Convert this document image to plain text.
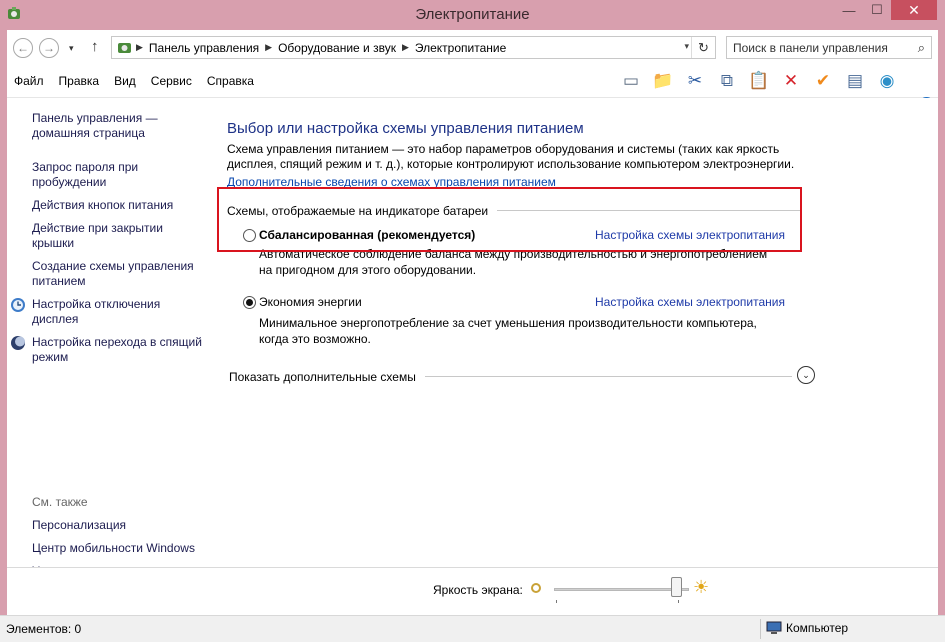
Электропитание	—	☐	✕
←	→	▾ ↑	▶ Панель управления ▶ Оборудование и звук ▶ Электропитание	▾ ↻
Поиск в панели управления	⌕
Файл Правка Вид Сервис Справка	▭ 📁 ✂	⧉ 📋 ✕ ✔ ▤ ◉
Панель управления — домашняя страница
Запрос пароля при пробуждении
Действия кнопок питания
Действие при закрытии крышки
Создание схемы управления питанием
Настройка отключения дисплея
Настройка перехода в спящий режим
См. также
Персонализация
Центр мобильности Windows
Выбор или настройка схемы управления питанием
Схема управления питанием — это набор параметров оборудования и системы (таких как яркость дисплея, спящий режим и т. д.), которые контролируют использование компьютером электроэнергии.
Дополнительные сведения о схемах управления питанием
Схемы, отображаемые на индикаторе батареи
Сбалансированная (рекомендуется)	Настройка схемы электропитания
Автоматическое соблюдение баланса между производительностью и энергопотреблением на пригодном для этого оборудовании.
Экономия энергии	Настройка схемы электропитания
Минимальное энергопотребление за счет уменьшения производительности компьютера, когда это возможно.
Показать дополнительные схемы	⌄
Яркость экрана:	☀
Элементов: 0	Компьютер
